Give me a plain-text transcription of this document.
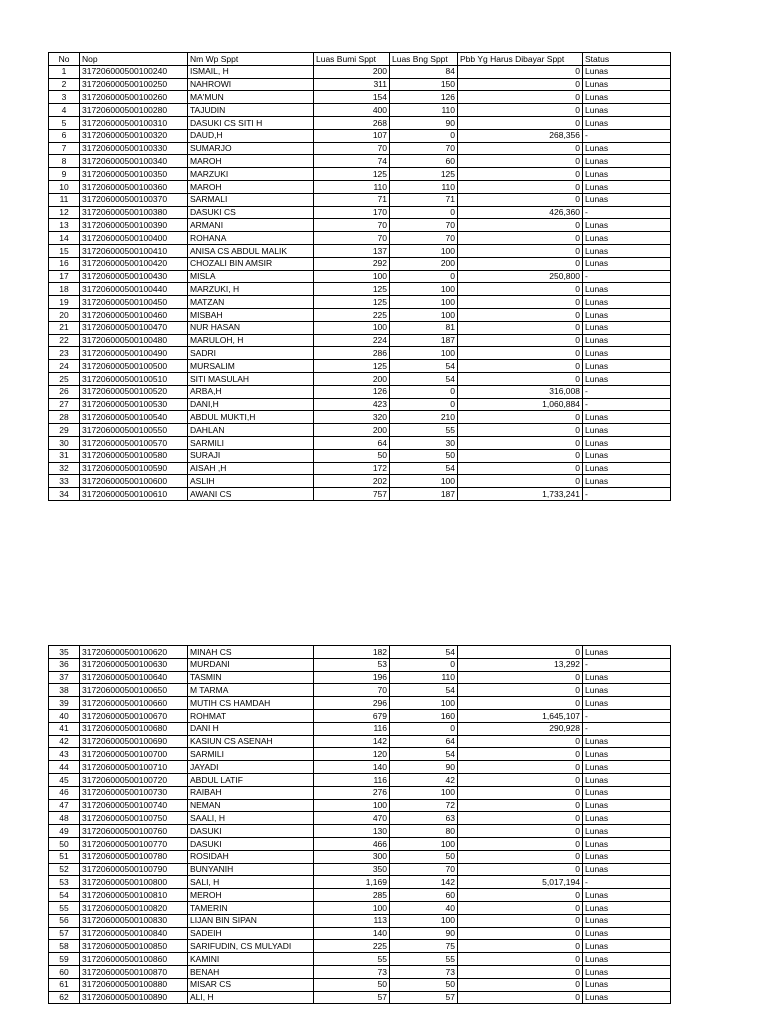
No	Nop	Nm Wp Sppt	Luas Bumi Sppt	Luas Bng Sppt	Pbb Yg Harus Dibayar Sppt	Status
1	317206000500100240	ISMAIL, H	200	84	0	Lunas
2	317206000500100250	NAHROWI	311	150	0	Lunas
3	317206000500100260	MA'MUN	154	126	0	Lunas
4	317206000500100280	TAJUDIN	400	110	0	Lunas
5	317206000500100310	DASUKI CS SITI H	268	90	0	Lunas
6	317206000500100320	DAUD,H	107	0	268,356	-
7	317206000500100330	SUMARJO	70	70	0	Lunas
8	317206000500100340	MAROH	74	60	0	Lunas
9	317206000500100350	MARZUKI	125	125	0	Lunas
10	317206000500100360	MAROH	110	110	0	Lunas
11	317206000500100370	SARMALI	71	71	0	Lunas
12	317206000500100380	DASUKI CS	170	0	426,360	-
13	317206000500100390	ARMANI	70	70	0	Lunas
14	317206000500100400	ROHANA	70	70	0	Lunas
15	317206000500100410	ANISA CS ABDUL MALIK	137	100	0	Lunas
16	317206000500100420	CHOZALI BIN AMSIR	292	200	0	Lunas
17	317206000500100430	MISLA	100	0	250,800	-
18	317206000500100440	MARZUKI, H	125	100	0	Lunas
19	317206000500100450	MATZAN	125	100	0	Lunas
20	317206000500100460	MISBAH	225	100	0	Lunas
21	317206000500100470	NUR HASAN	100	81	0	Lunas
22	317206000500100480	MARULOH, H	224	187	0	Lunas
23	317206000500100490	SADRI	286	100	0	Lunas
24	317206000500100500	MURSALIM	125	54	0	Lunas
25	317206000500100510	SITI MASULAH	200	54	0	Lunas
26	317206000500100520	ARBA,H	126	0	316,008	-
27	317206000500100530	DANI,H	423	0	1,060,884	-
28	317206000500100540	ABDUL MUKTI,H	320	210	0	Lunas
29	317206000500100550	DAHLAN	200	55	0	Lunas
30	317206000500100570	SARMILI	64	30	0	Lunas
31	317206000500100580	SURAJI	50	50	0	Lunas
32	317206000500100590	AISAH ,H	172	54	0	Lunas
33	317206000500100600	ASLIH	202	100	0	Lunas
34	317206000500100610	AWANI CS	757	187	1,733,241	-
35	317206000500100620	MINAH CS	182	54	0	Lunas
36	317206000500100630	MURDANI	53	0	13,292	-
37	317206000500100640	TASMIN	196	110	0	Lunas
38	317206000500100650	M TARMA	70	54	0	Lunas
39	317206000500100660	MUTIH CS HAMDAH	296	100	0	Lunas
40	317206000500100670	ROHMAT	679	160	1,645,107	-
41	317206000500100680	DANI H	116	0	290,928	-
42	317206000500100690	KASIUN CS ASENAH	142	64	0	Lunas
43	317206000500100700	SARMILI	120	54	0	Lunas
44	317206000500100710	JAYADI	140	90	0	Lunas
45	317206000500100720	ABDUL LATIF	116	42	0	Lunas
46	317206000500100730	RAIBAH	276	100	0	Lunas
47	317206000500100740	NEMAN	100	72	0	Lunas
48	317206000500100750	SAALI, H	470	63	0	Lunas
49	317206000500100760	DASUKI	130	80	0	Lunas
50	317206000500100770	DASUKI	466	100	0	Lunas
51	317206000500100780	ROSIDAH	300	50	0	Lunas
52	317206000500100790	BUNYANIH	350	70	0	Lunas
53	317206000500100800	SALI, H	1,169	142	5,017,194	-
54	317206000500100810	MEROH	285	60	0	Lunas
55	317206000500100820	TAMERIN	100	40	0	Lunas
56	317206000500100830	LIJAN BIN SIPAN	113	100	0	Lunas
57	317206000500100840	SADEIH	140	90	0	Lunas
58	317206000500100850	SARIFUDIN, CS MULYADI	225	75	0	Lunas
59	317206000500100860	KAMINI	55	55	0	Lunas
60	317206000500100870	BENAH	73	73	0	Lunas
61	317206000500100880	MISAR CS	50	50	0	Lunas
62	317206000500100890	ALI, H	57	57	0	Lunas
